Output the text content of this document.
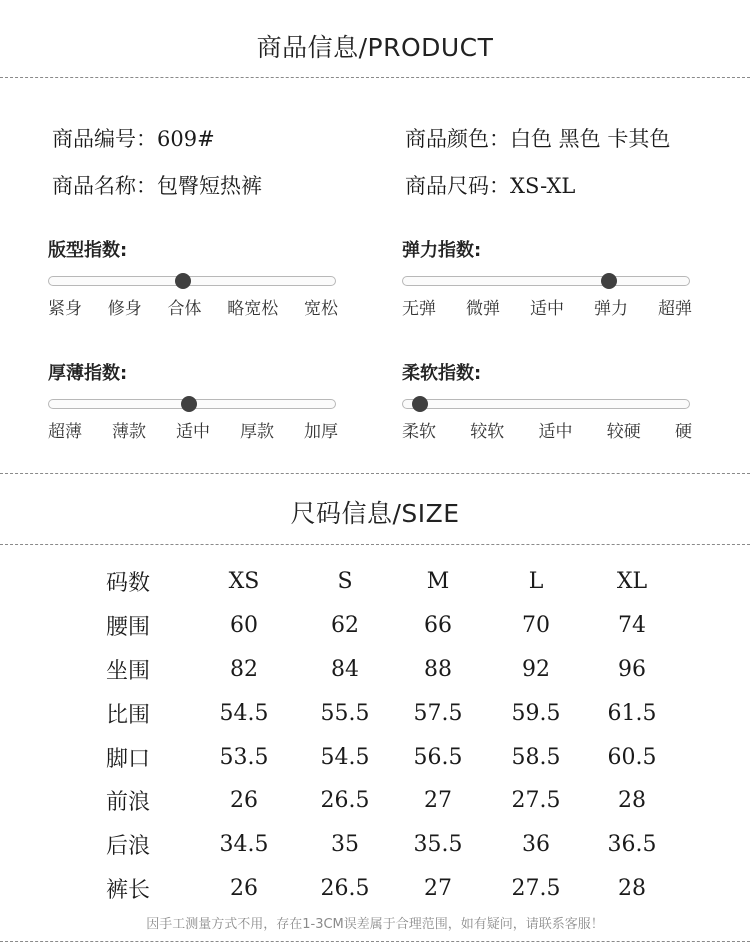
商品信息/PRODUCT
商品编号：609#
商品名称：包臀短热裤
商品颜色：白色 黑色 卡其色
商品尺码：XS-XL
版型指数:
紧身 修身 合体 略宽松 宽松
弹力指数:
无弹 微弹 适中 弹力 超弹
厚薄指数:
超薄 薄款 适中 厚款 加厚
柔软指数:
柔软 较软 适中 较硬 硬
尺码信息/SIZE
码数	XS	S	M	L	XL
腰围	60	62	66	70	74
坐围	82	84	88	92	96
比围	54.5	55.5	57.5	59.5	61.5
脚口	53.5	54.5	56.5	58.5	60.5
前浪	26	26.5	27	27.5	28
后浪	34.5	35	35.5	36	36.5
裤长	26	26.5	27	27.5	28
因手工测量方式不用，存在1-3CM误差属于合理范围，如有疑问，请联系客服！
